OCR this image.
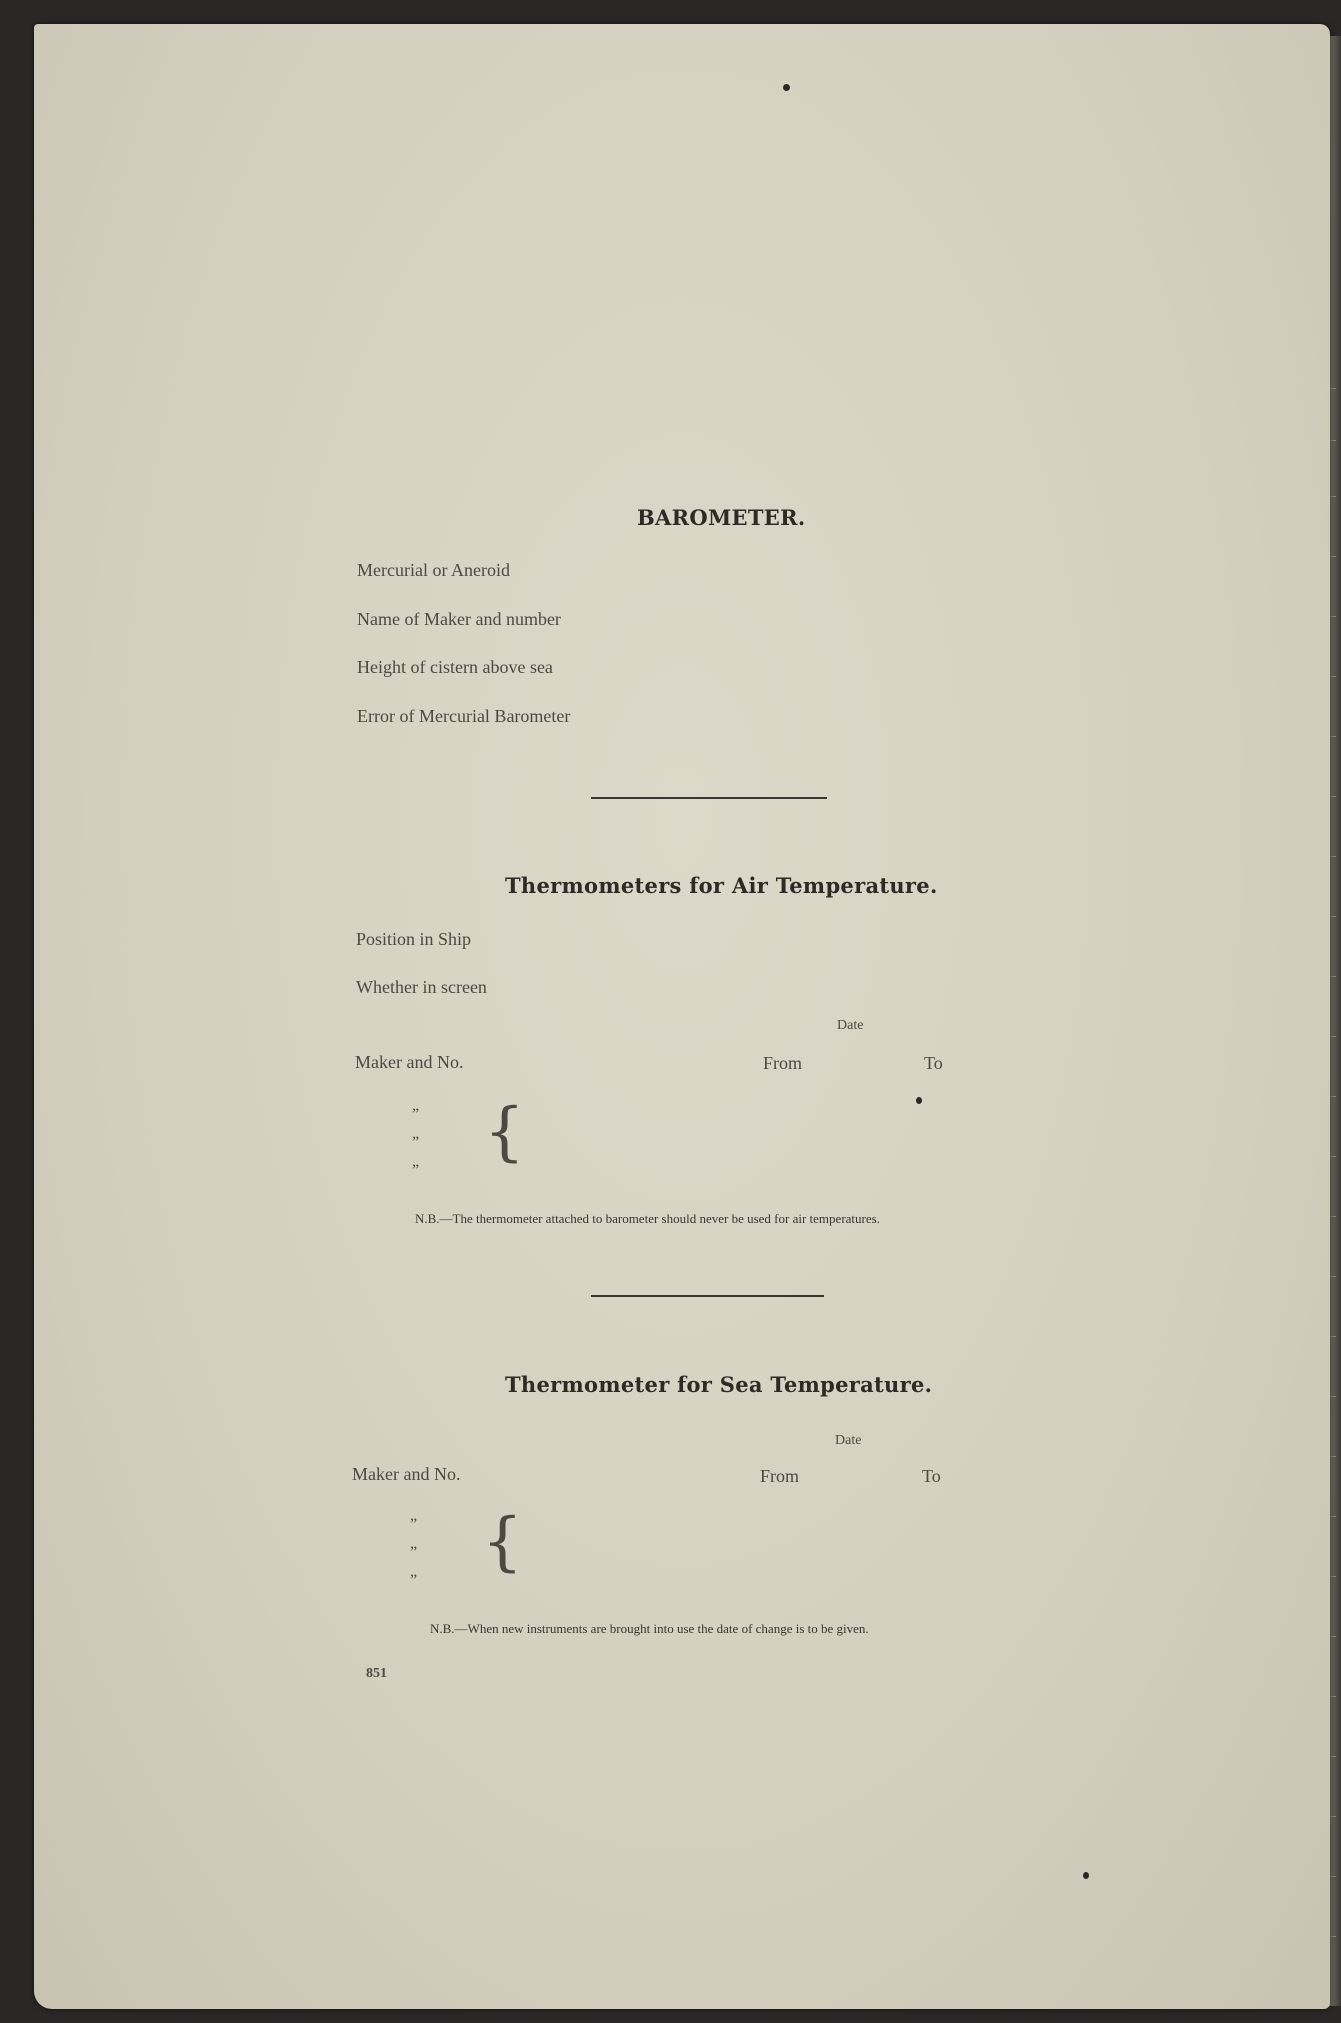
BAROMETER.
Mercurial or Aneroid
Name of Maker and number
Height of cistern above sea
Error of Mercurial Barometer
Thermometers for Air Temperature.
Position in Ship
Whether in screen
Date
Maker and No.	From	To
”
”
”
{
N.B.—The thermometer attached to barometer should never be used for air temperatures.
Thermometer for Sea Temperature.
Date
Maker and No.	From	To
”
”
”
{
N.B.—When new instruments are brought into use the date of change is to be given.
851
